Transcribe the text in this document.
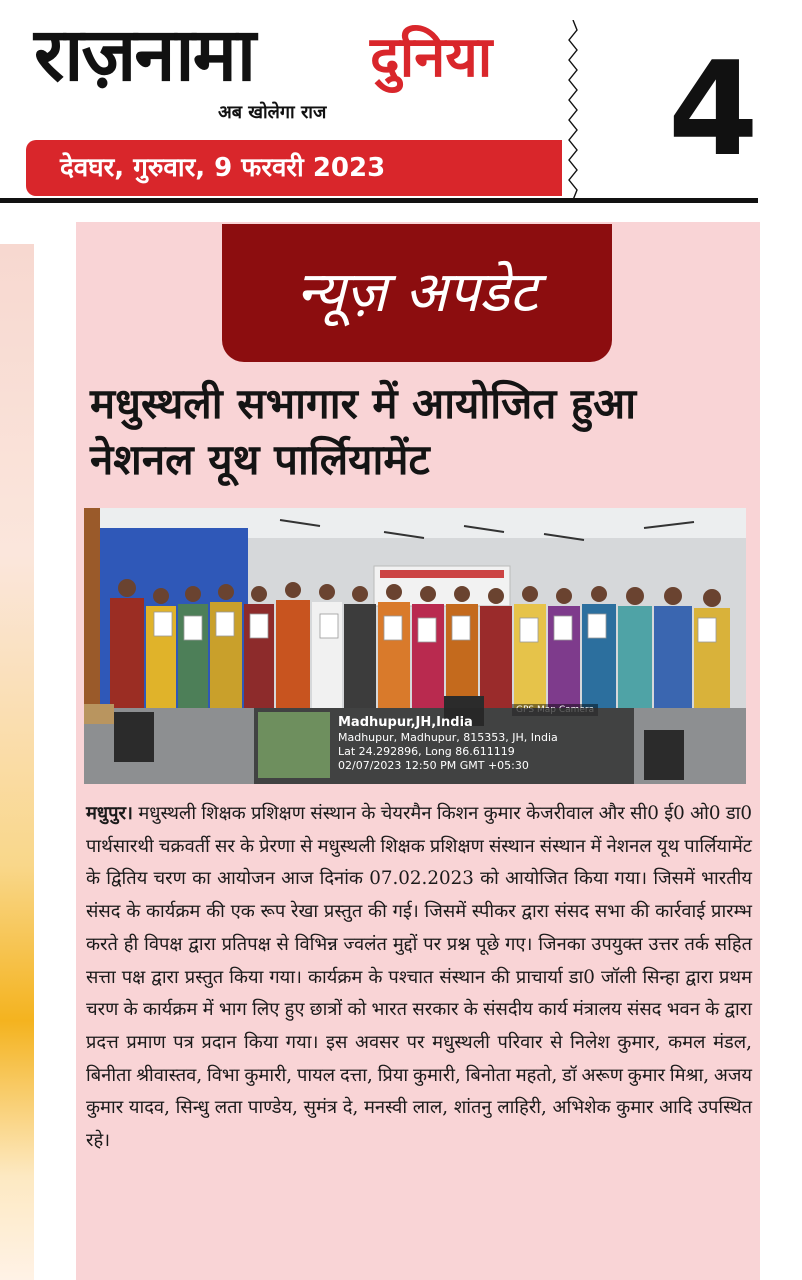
राज़नामा दुनिया
अब खोलेगा राज
देवघर, गुरुवार, 9 फरवरी 2023	4
न्यूज़ अपडेट
मधुस्थली सभागार में आयोजित हुआ
नेशनल यूथ पार्लियामेंट
Madhupur,JH,India
Madhupur, Madhupur, 815353, JH, India
Lat 24.292896, Long 86.611119
02/07/2023 12:50 PM GMT +05:30

मधुपुर। मधुस्थली शिक्षक प्रशिक्षण संस्थान के चेयरमैन किशन कुमार केजरीवाल और सी0 ई0 ओ0 डा0 पार्थसारथी चक्रवर्ती सर के प्रेरणा से मधुस्थली शिक्षक प्रशिक्षण संस्थान संस्थान में नेशनल यूथ पार्लियामेंट के द्वितिय चरण का आयोजन आज दिनांक 07.02.2023 को आयोजित किया गया। जिसमें भारतीय संसद के कार्यक्रम की एक रूप रेखा प्रस्तुत की गई। जिसमें स्पीकर द्वारा संसद सभा की कार्रवाई प्रारम्भ करते ही विपक्ष द्वारा प्रतिपक्ष से विभिन्न ज्वलंत मुद्दों पर प्रश्न पूछे गए। जिनका उपयुक्त उत्तर तर्क सहित सत्ता पक्ष द्वारा प्रस्तुत किया गया। कार्यक्रम के पश्चात संस्थान की प्राचार्या डा0 जॉली सिन्हा द्वारा प्रथम चरण के कार्यक्रम में भाग लिए हुए छात्रों को भारत सरकार के संसदीय कार्य मंत्रालय संसद भवन के द्वारा प्रदत्त प्रमाण पत्र प्रदान किया गया। इस अवसर पर मधुस्थली परिवार से निलेश कुमार, कमल मंडल, बिनीता श्रीवास्तव, विभा कुमारी, पायल दत्ता, प्रिया कुमारी, बिनोता महतो, डॉ अरूण कुमार मिश्रा, अजय कुमार यादव, सिन्धु लता पाण्डेय, सुमंत्र दे, मनस्वी लाल, शांतनु लाहिरी, अभिशेक कुमार आदि उपस्थित रहे।
